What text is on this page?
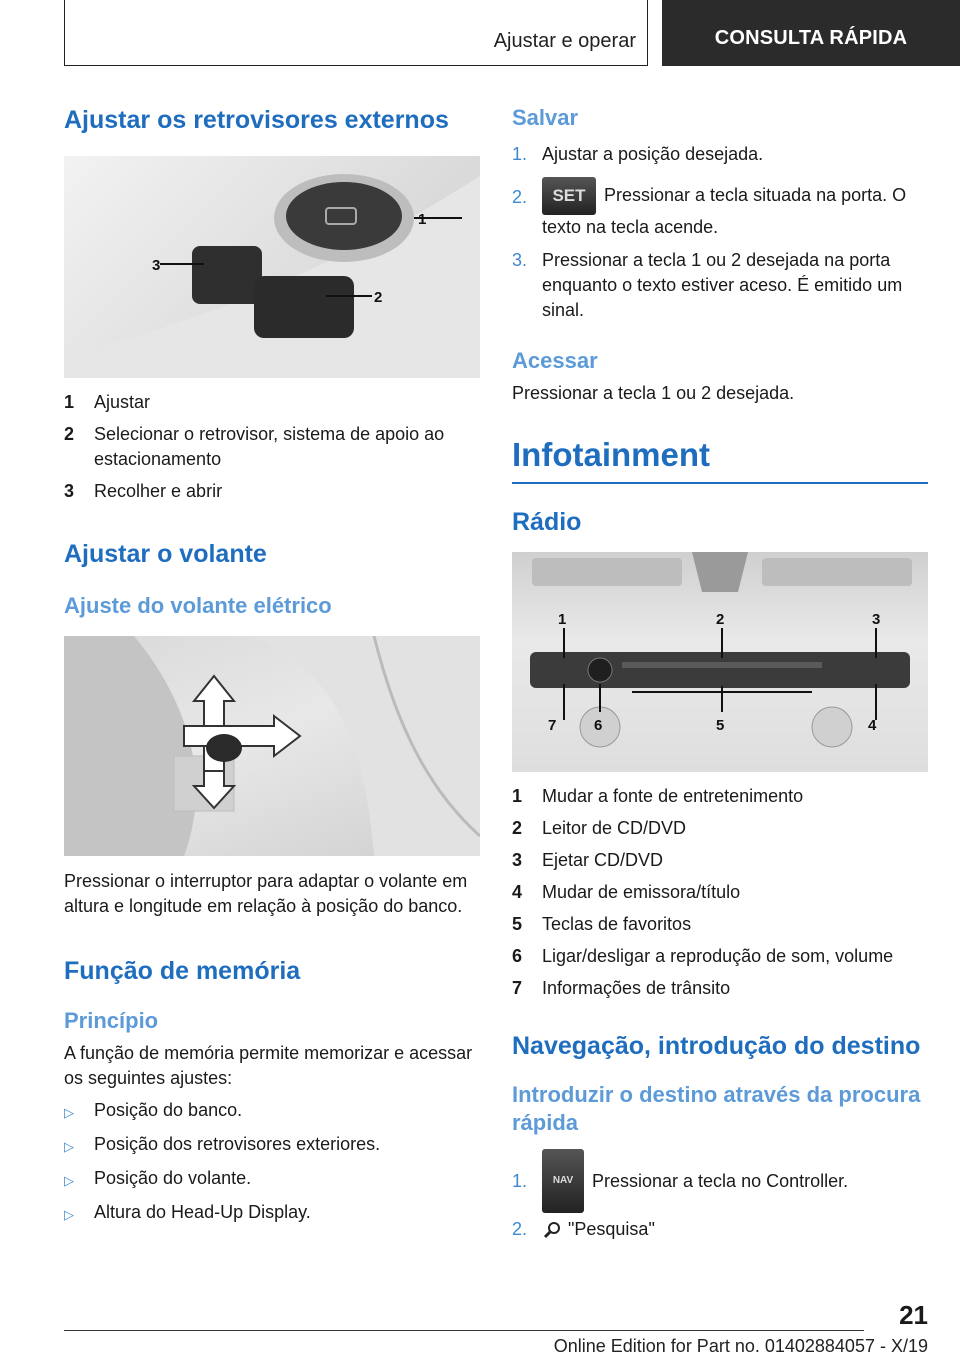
Ajustar e operar	CONSULTA RÁPIDA
Ajustar os retrovisores externos
1
2
3
1	Ajustar
2	Selecionar o retrovisor, sistema de apoio ao estacionamento
3	Recolher e abrir
Ajustar o volante
Ajuste do volante elétrico
Pressionar o interruptor para adaptar o volante em altura e longitude em relação à posição do banco.
Função de memória
Princípio
A função de memória permite memorizar e acessar os seguintes ajustes:
▷	Posição do banco.
▷	Posição dos retrovisores exteriores.
▷	Posição do volante.
▷	Altura do Head-Up Display.
Salvar
1. Ajustar a posição desejada.
2.	SET Pressionar a tecla situada na porta. O texto na tecla acende.
3. Pressionar a tecla 1 ou 2 desejada na porta enquanto o texto estiver aceso. É emitido um sinal.
Acessar
Pressionar a tecla 1 ou 2 desejada.
Infotainment
Rádio
1	2	3
4
5
6
7
1	Mudar a fonte de entretenimento
2	Leitor de CD/DVD
3	Ejetar CD/DVD
4	Mudar de emissora/título
5	Teclas de favoritos
6	Ligar/desligar a reprodução de som, volume
7	Informações de trânsito
Navegação, introdução do destino
Introduzir o destino através da procura rápida
1.	NAV	Pressionar a tecla no Controller.
2.	"Pesquisa"
21
Online Edition for Part no. 01402884057 - X/19
